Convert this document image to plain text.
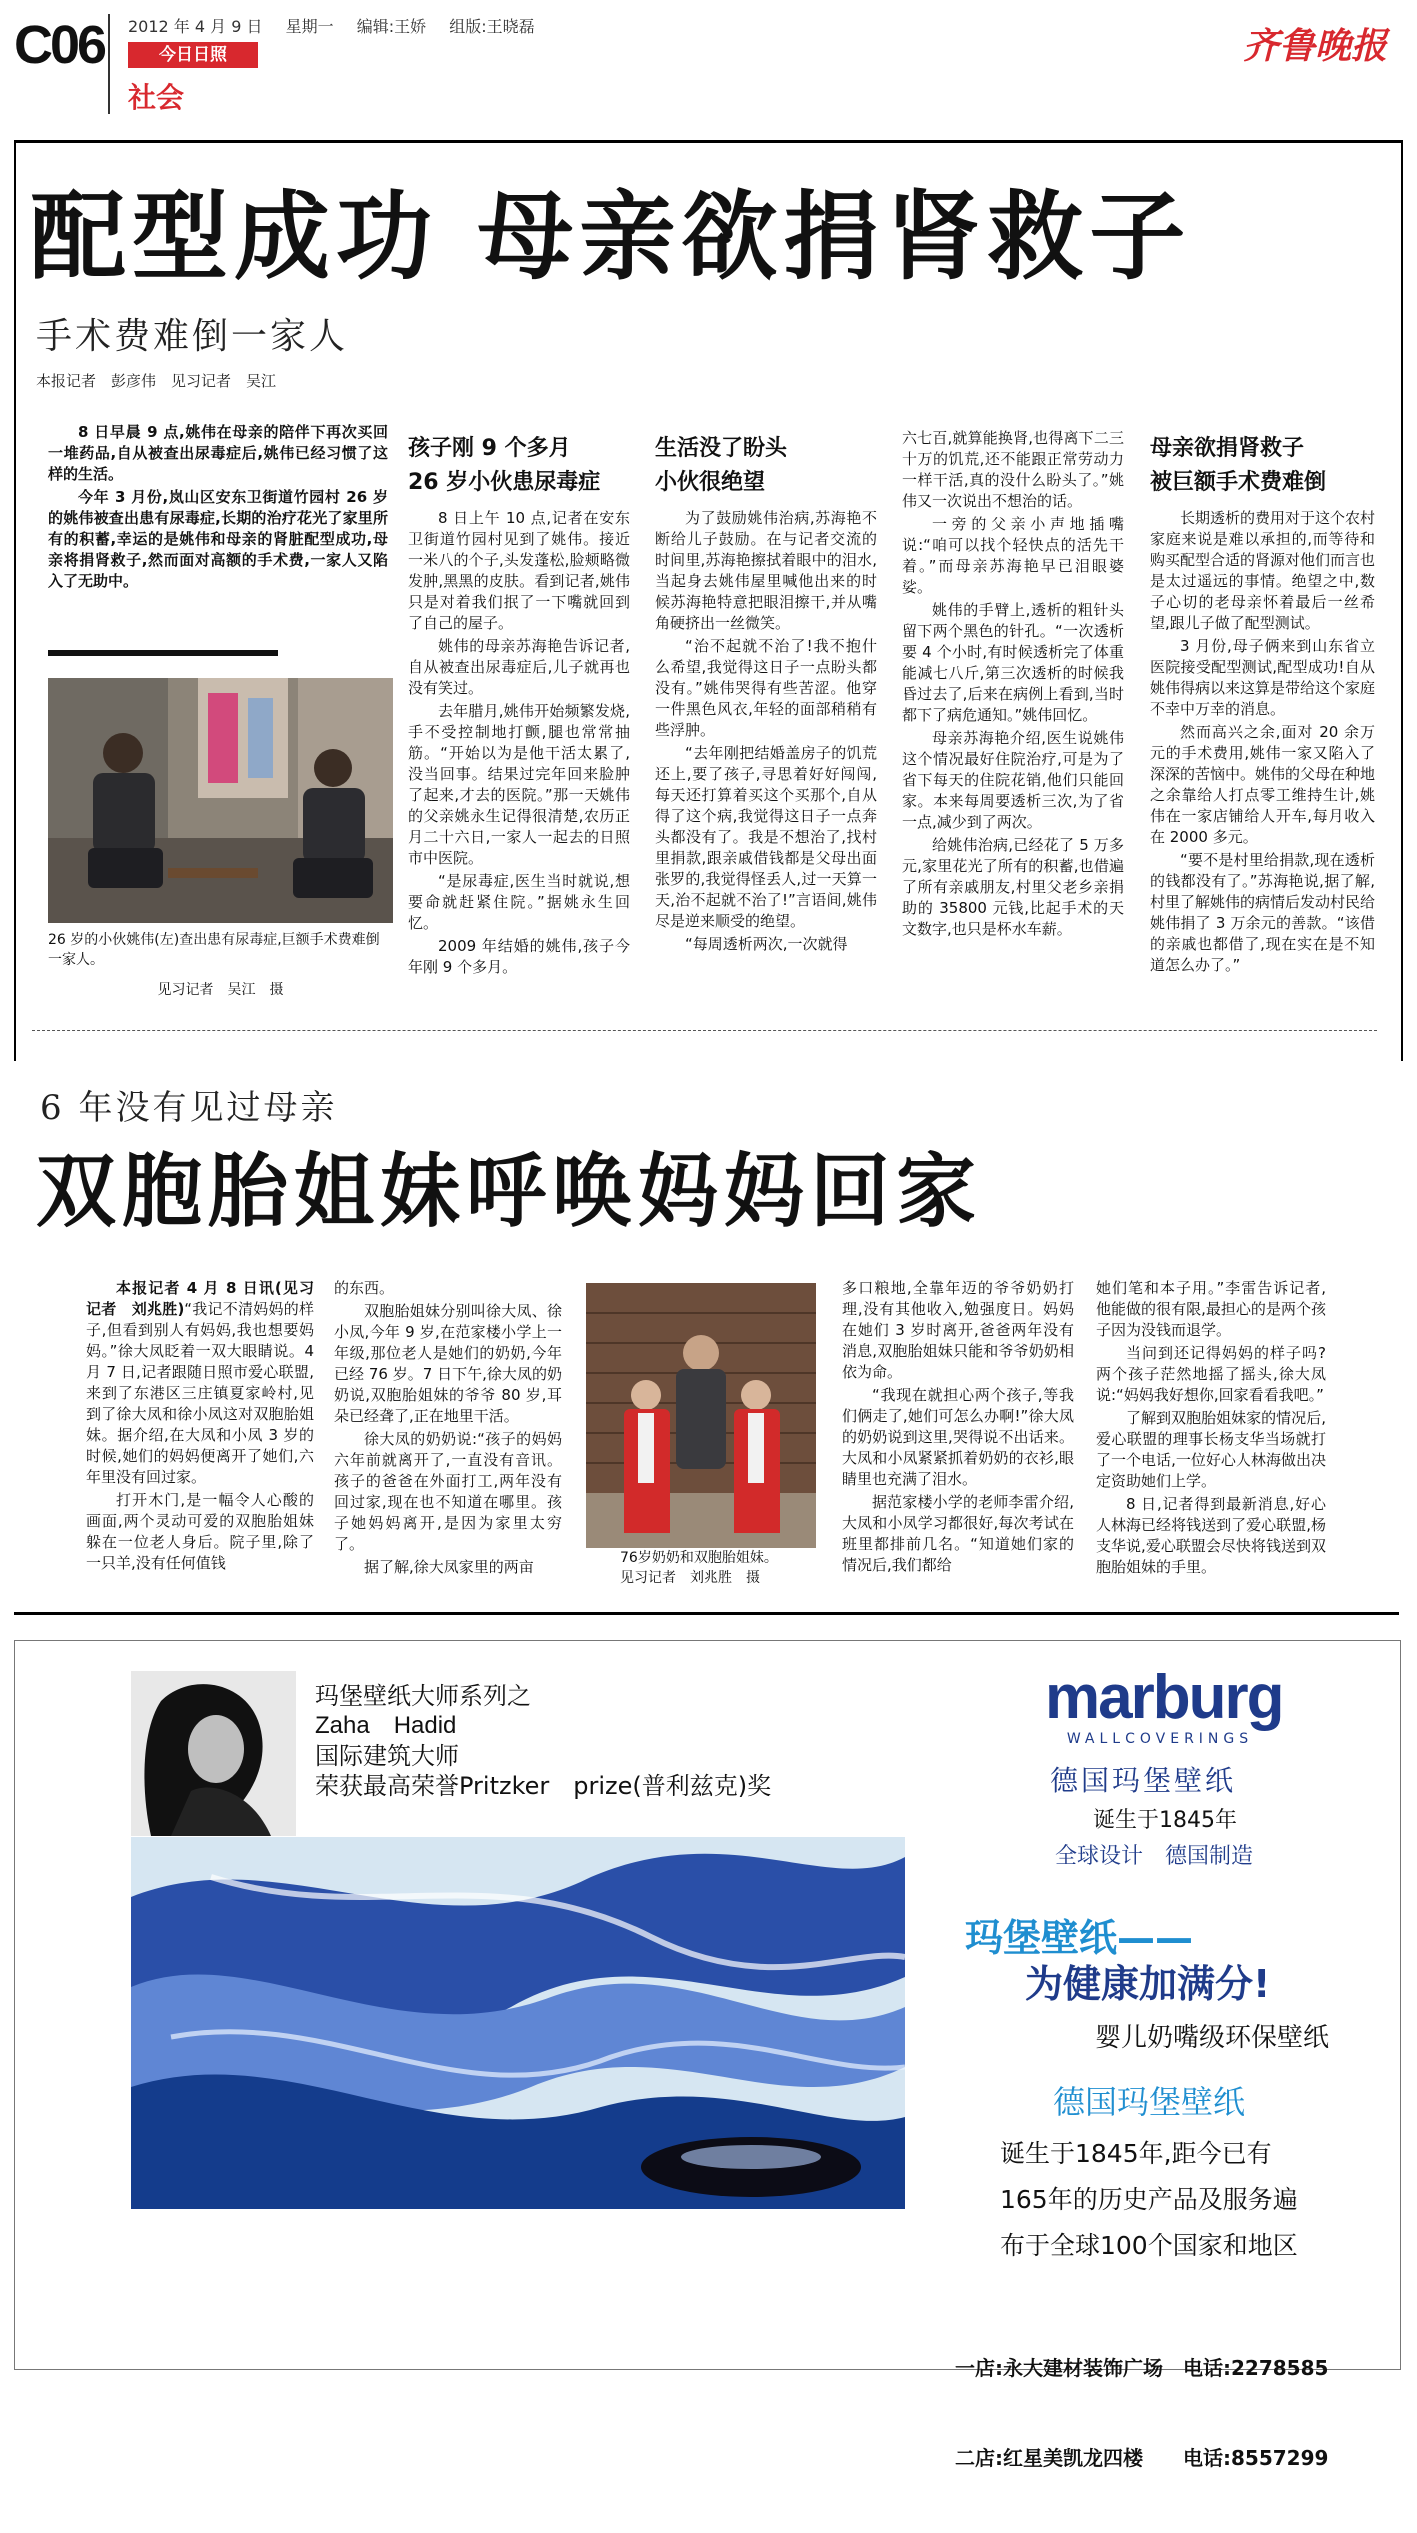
C06 2012 年 4 月 9 日 星期一 编辑:王娇 组版:王晓磊
今日日照
社会
齐鲁晚报
配型成功 母亲欲捐肾救子
手术费难倒一家人
本报记者　彭彦伟　见习记者　吴江

8 日早晨 9 点,姚伟在母亲的陪伴下再次买回一堆药品,自从被查出尿毒症后,姚伟已经习惯了这样的生活。

今年 3 月份,岚山区安东卫街道竹园村 26 岁的姚伟被查出患有尿毒症,长期的治疗花光了家里所有的积蓄,幸运的是姚伟和母亲的肾脏配型成功,母亲将捐肾救子,然而面对高额的手术费,一家人又陷入了无助中。

26 岁的小伙姚伟(左)查出患有尿毒症,巨额手术费难倒一家人。
见习记者　吴江　摄
孩子刚 9 个多月
26 岁小伙患尿毒症

8 日上午 10 点,记者在安东卫街道竹园村见到了姚伟。接近一米八的个子,头发蓬松,脸颊略微发肿,黑黑的皮肤。看到记者,姚伟只是对着我们抿了一下嘴就回到了自己的屋子。

姚伟的母亲苏海艳告诉记者,自从被查出尿毒症后,儿子就再也没有笑过。

去年腊月,姚伟开始频繁发烧,手不受控制地打颤,腿也常常抽筋。“开始以为是他干活太累了,没当回事。结果过完年回来脸肿了起来,才去的医院。”那一天姚伟的父亲姚永生记得很清楚,农历正月二十六日,一家人一起去的日照市中医院。

“是尿毒症,医生当时就说,想要命就赶紧住院。”据姚永生回忆。

2009 年结婚的姚伟,孩子今年刚 9 个多月。

生活没了盼头
小伙很绝望

为了鼓励姚伟治病,苏海艳不断给儿子鼓励。在与记者交流的时间里,苏海艳擦拭着眼中的泪水,当起身去姚伟屋里喊他出来的时候苏海艳特意把眼泪擦干,并从嘴角硬挤出一丝微笑。

“治不起就不治了!我不抱什么希望,我觉得这日子一点盼头都没有。”姚伟哭得有些苦涩。他穿一件黑色风衣,年轻的面部稍稍有些浮肿。

“去年刚把结婚盖房子的饥荒还上,要了孩子,寻思着好好闯闯,每天还打算着买这个买那个,自从得了这个病,我觉得这日子一点奔头都没有了。我是不想治了,找村里捐款,跟亲戚借钱都是父母出面张罗的,我觉得怪丢人,过一天算一天,治不起就不治了!”言语间,姚伟尽是逆来顺受的绝望。

“每周透析两次,一次就得

六七百,就算能换肾,也得离下二三十万的饥荒,还不能跟正常劳动力一样干活,真的没什么盼头了。”姚伟又一次说出不想治的话。

一旁的父亲小声地插嘴说:“咱可以找个轻快点的活先干着。”而母亲苏海艳早已泪眼婆娑。

姚伟的手臂上,透析的粗针头留下两个黑色的针孔。“一次透析要 4 个小时,有时候透析完了体重能减七八斤,第三次透析的时候我昏过去了,后来在病例上看到,当时都下了病危通知。”姚伟回忆。

母亲苏海艳介绍,医生说姚伟这个情况最好住院治疗,可是为了省下每天的住院花销,他们只能回家。本来每周要透析三次,为了省一点,减少到了两次。

给姚伟治病,已经花了 5 万多元,家里花光了所有的积蓄,也借遍了所有亲戚朋友,村里父老乡亲捐助的 35800 元钱,比起手术的天文数字,也只是杯水车薪。

母亲欲捐肾救子
被巨额手术费难倒

长期透析的费用对于这个农村家庭来说是难以承担的,而等待和购买配型合适的肾源对他们而言也是太过遥远的事情。绝望之中,数子心切的老母亲怀着最后一丝希望,跟儿子做了配型测试。

3 月份,母子俩来到山东省立医院接受配型测试,配型成功!自从姚伟得病以来这算是带给这个家庭不幸中万幸的消息。

然而高兴之余,面对 20 余万元的手术费用,姚伟一家又陷入了深深的苦恼中。姚伟的父母在种地之余靠给人打点零工维持生计,姚伟在一家店铺给人开车,每月收入在 2000 多元。

“要不是村里给捐款,现在透析的钱都没有了。”苏海艳说,据了解,村里了解姚伟的病情后发动村民给姚伟捐了 3 万余元的善款。“该借的亲戚也都借了,现在实在是不知道怎么办了。”

6 年没有见过母亲
双胞胎姐妹呼唤妈妈回家

本报记者 4 月 8 日讯(见习记者　刘兆胜)“我记不清妈妈的样子,但看到别人有妈妈,我也想要妈妈。”徐大凤眨着一双大眼睛说。4 月 7 日,记者跟随日照市爱心联盟,来到了东港区三庄镇夏家岭村,见到了徐大凤和徐小凤这对双胞胎姐妹。据介绍,在大凤和小凤 3 岁的时候,她们的妈妈便离开了她们,六年里没有回过家。

打开木门,是一幅令人心酸的画面,两个灵动可爱的双胞胎姐妹躲在一位老人身后。院子里,除了一只羊,没有任何值钱

的东西。

双胞胎姐妹分别叫徐大凤、徐小凤,今年 9 岁,在范家楼小学上一年级,那位老人是她们的奶奶,今年已经 76 岁。7 日下午,徐大凤的奶奶说,双胞胎姐妹的爷爷 80 岁,耳朵已经聋了,正在地里干活。

徐大凤的奶奶说:“孩子的妈妈六年前就离开了,一直没有音讯。孩子的爸爸在外面打工,两年没有回过家,现在也不知道在哪里。孩子她妈妈离开,是因为家里太穷了。

据了解,徐大凤家里的两亩	76岁奶奶和双胞胎姐妹。
见习记者　刘兆胜　摄

多口粮地,全靠年迈的爷爷奶奶打理,没有其他收入,勉强度日。妈妈在她们 3 岁时离开,爸爸两年没有消息,双胞胎姐妹只能和爷爷奶奶相依为命。

“我现在就担心两个孩子,等我们俩走了,她们可怎么办啊!”徐大凤的奶奶说到这里,哭得说不出话来。大凤和小凤紧紧抓着奶奶的衣衫,眼睛里也充满了泪水。

据范家楼小学的老师李雷介绍,大凤和小凤学习都很好,每次考试在班里都排前几名。“知道她们家的情况后,我们都给

她们笔和本子用。”李雷告诉记者,他能做的很有限,最担心的是两个孩子因为没钱而退学。

当问到还记得妈妈的样子吗?两个孩子茫然地摇了摇头,徐大凤说:“妈妈我好想你,回家看看我吧。”

了解到双胞胎姐妹家的情况后,爱心联盟的理事长杨支华当场就打了一个电话,一位好心人林海做出决定资助她们上学。

8 日,记者得到最新消息,好心人林海已经将钱送到了爱心联盟,杨支华说,爱心联盟会尽快将钱送到双胞胎姐妹的手里。

玛堡壁纸大师系列之
Zaha　Hadid
国际建筑大师
荣获最高荣誉Pritzker　prize(普利兹克)奖
marburg
WALLCOVERINGS
德国玛堡壁纸
诞生于1845年
全球设计　德国制造
玛堡壁纸——
为健康加满分!
婴儿奶嘴级环保壁纸
德国玛堡壁纸
诞生于1845年,距今已有
165年的历史产品及服务遍
布于全球100个国家和地区

一店:永大建材装饰广场　电话:2278585

二店:红星美凯龙四楼　　电话:8557299
